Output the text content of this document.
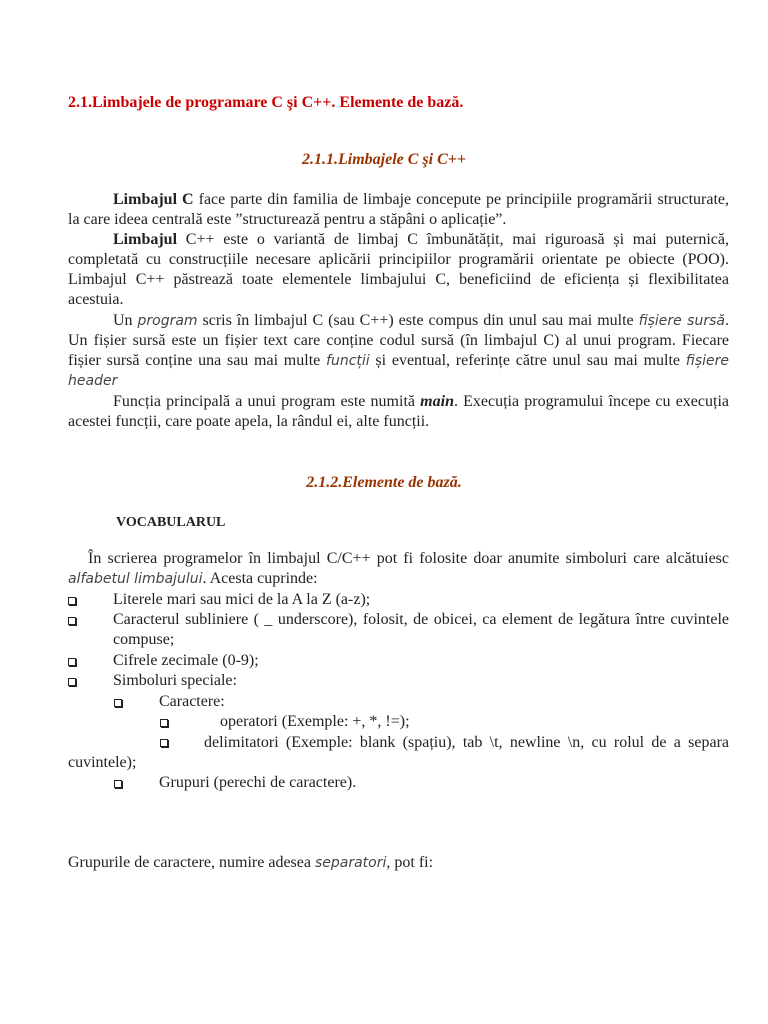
2.1.Limbajele de programare C şi C++. Elemente de bază.
2.1.1.Limbajele C şi C++

Limbajul C face parte din familia de limbaje concepute pe principiile programării structurate, la care ideea centrală este ”structurează pentru a stăpâni o aplicație”.

Limbajul C++ este o variantă de limbaj C îmbunătățit, mai riguroasă și mai puternică, completată cu construcțiile necesare aplicării principiilor programării orientate pe obiecte (POO). Limbajul C++ păstrează toate elementele limbajului C, beneficiind de eficiența și flexibilitatea acestuia.

Un program scris în limbajul C (sau C++) este compus din unul sau mai multe fișiere sursă. Un fișier sursă este un fișier text care conține codul sursă (în limbajul C) al unui program. Fiecare fișier sursă conține una sau mai multe funcții și eventual, referințe către unul sau mai multe fișiere header

Funcția principală a unui program este numită main. Execuția programului începe cu execuția acestei funcții, care poate apela, la rândul ei, alte funcții.

2.1.2.Elemente de bază.
VOCABULARUL

În scrierea programelor în limbajul C/C++ pot fi folosite doar anumite simboluri care alcătuiesc alfabetul limbajului. Acesta cuprinde:

Literele mari sau mici de la A la Z (a-z);
Caracterul subliniere ( _ underscore), folosit, de obicei, ca element de legătura între cuvintele compuse;
Cifrele zecimale (0-9);
Simboluri speciale:
Caractere:
operatori (Exemple: +, *, !=);
delimitatori (Exemple: blank (spațiu), tab \t, newline \n, cu rolul de a separa cuvintele);
Grupuri (perechi de caractere).
Grupurile de caractere, numire adesea separatori, pot fi:
